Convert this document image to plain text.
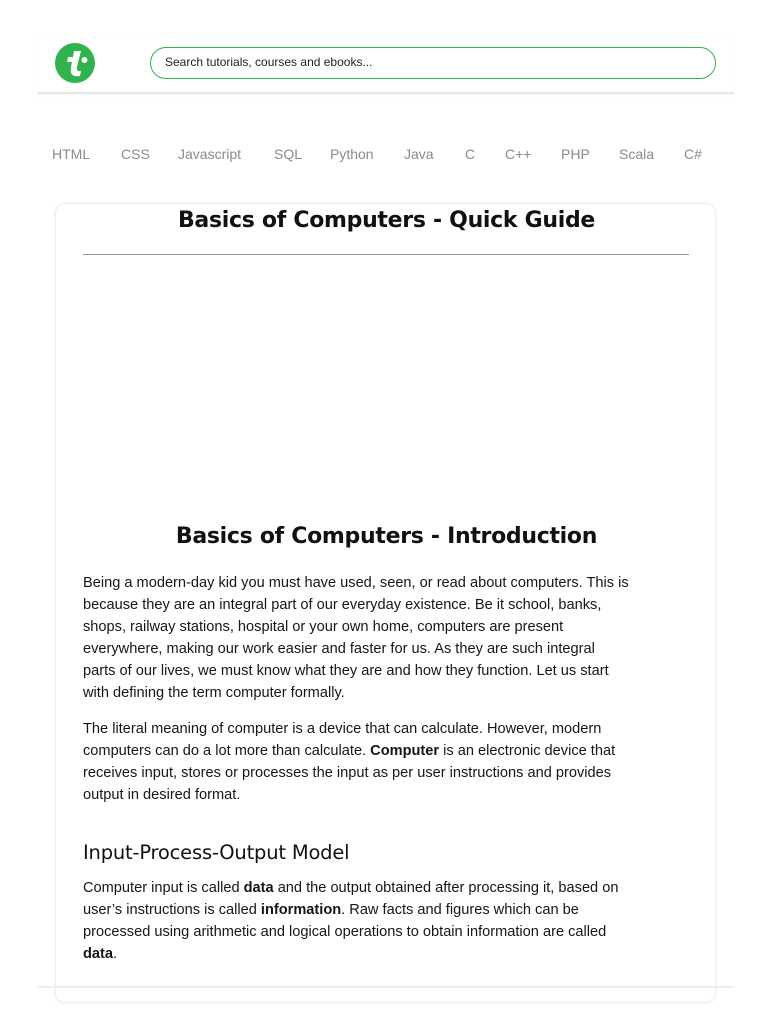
Search tutorials, courses and ebooks...
HTML CSS Javascript SQL Python Java C C++ PHP Scala C#
Basics of Computers - Quick Guide
Basics of Computers - Introduction

Being a modern-day kid you must have used, seen, or read about computers. This is because they are an integral part of our everyday existence. Be it school, banks, shops, railway stations, hospital or your own home, computers are present everywhere, making our work easier and faster for us. As they are such integral parts of our lives, we must know what they are and how they function. Let us start with defining the term computer formally.

The literal meaning of computer is a device that can calculate. However, modern computers can do a lot more than calculate. Computer is an electronic device that receives input, stores or processes the input as per user instructions and provides output in desired format.

Input-Process-Output Model

Computer input is called data and the output obtained after processing it, based on user’s instructions is called information. Raw facts and figures which can be processed using arithmetic and logical operations to obtain information are called data.
